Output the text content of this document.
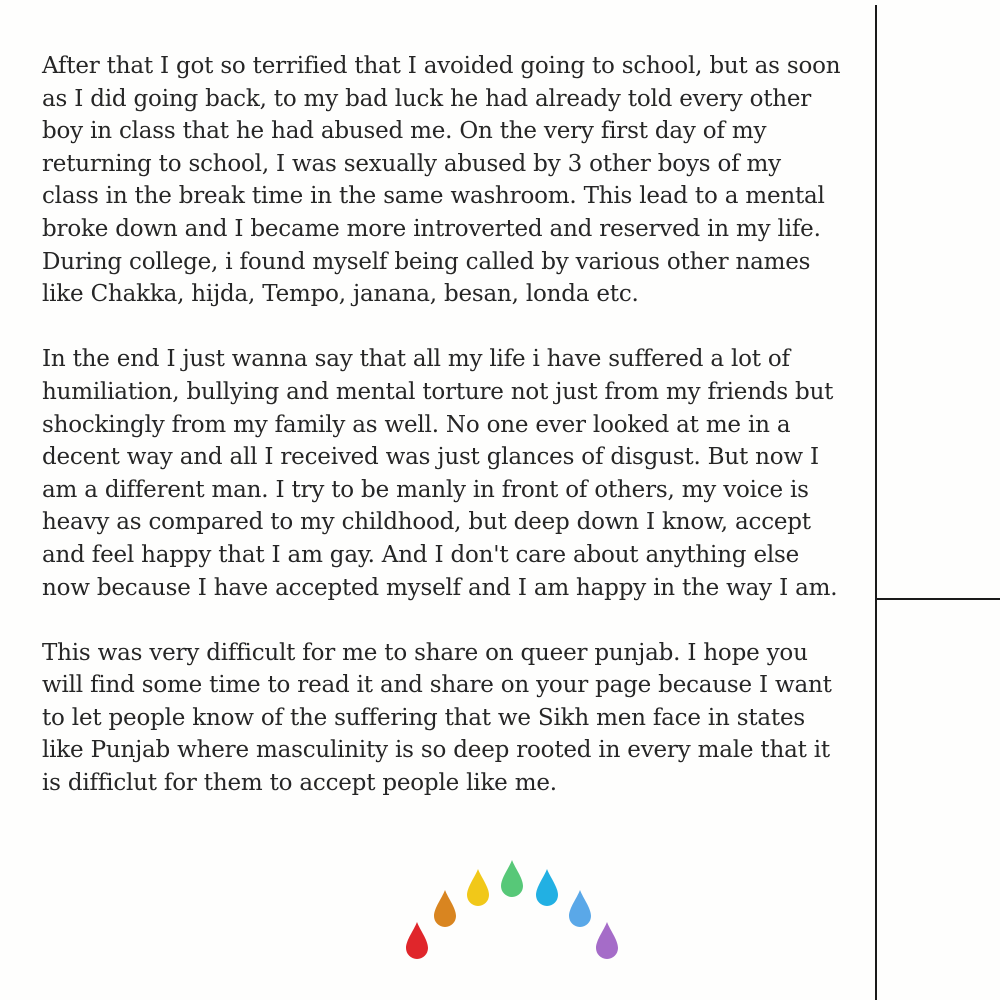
After that I got so terrified that I avoided going to school, but as soon
as I did going back, to my bad luck he had already told every other
boy in class that he had abused me. On the very first day of my
returning to school, I was sexually abused by 3 other boys of my
class in the break time in the same washroom. This lead to a mental
broke down and I became more introverted and reserved in my life.
During college, i found myself being called by various other names
like Chakka, hijda, Tempo, janana, besan, londa etc.
In the end I just wanna say that all my life i have suffered a lot of
humiliation, bullying and mental torture not just from my friends but
shockingly from my family as well. No one ever looked at me in a
decent way and all I received was just glances of disgust. But now I
am a different man. I try to be manly in front of others, my voice is
heavy as compared to my childhood, but deep down I know, accept
and feel happy that I am gay. And I don't care about anything else
now because I have accepted myself and I am happy in the way I am.
This was very difficult for me to share on queer punjab. I hope you
will find some time to read it and share on your page because I want
to let people know of the suffering that we Sikh men face in states
like Punjab where masculinity is so deep rooted in every male that it
is difficlut for them to accept people like me.
